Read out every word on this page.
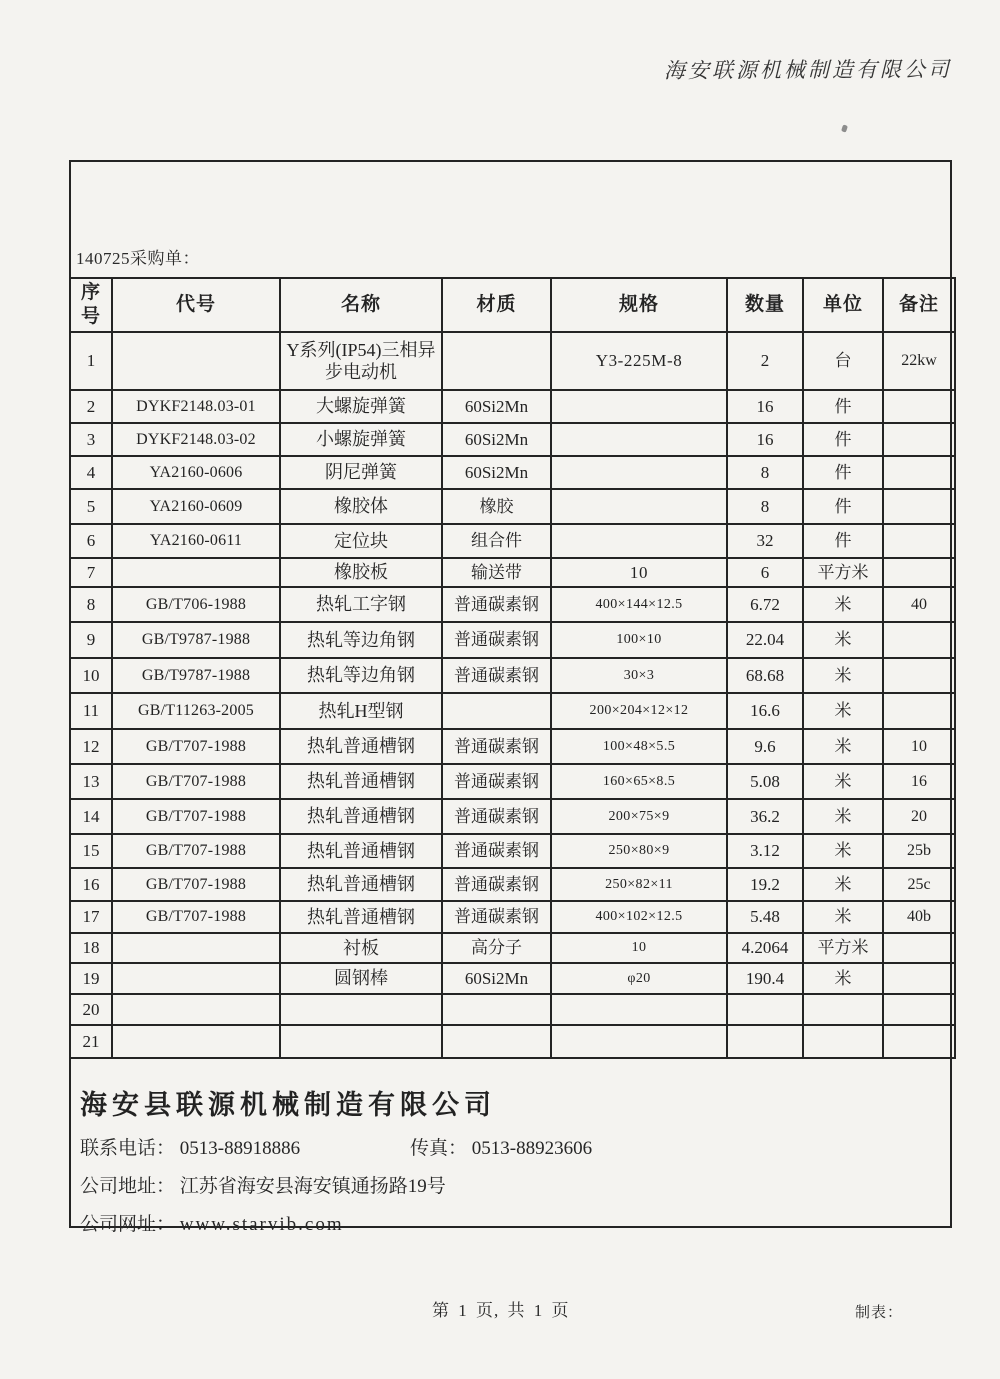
海安联源机械制造有限公司
140725采购单：
序号	代号	名称	材质	规格	数量	单位	备注
1		Y系列(IP54)三相异步电动机		Y3-225M-8	2	台	22kw
2	DYKF2148.03-01	大螺旋弹簧	60Si2Mn		16	件	
3	DYKF2148.03-02	小螺旋弹簧	60Si2Mn		16	件	
4	YA2160-0606	阴尼弹簧	60Si2Mn		8	件	
5	YA2160-0609	橡胶体	橡胶		8	件	
6	YA2160-0611	定位块	组合件		32	件	
7		橡胶板	输送带	10	6	平方米	
8	GB/T706-1988	热轧工字钢	普通碳素钢	400×144×12.5	6.72	米	40
9	GB/T9787-1988	热轧等边角钢	普通碳素钢	100×10	22.04	米	
10	GB/T9787-1988	热轧等边角钢	普通碳素钢	30×3	68.68	米	
11	GB/T11263-2005	热轧H型钢		200×204×12×12	16.6	米	
12	GB/T707-1988	热轧普通槽钢	普通碳素钢	100×48×5.5	9.6	米	10
13	GB/T707-1988	热轧普通槽钢	普通碳素钢	160×65×8.5	5.08	米	16
14	GB/T707-1988	热轧普通槽钢	普通碳素钢	200×75×9	36.2	米	20
15	GB/T707-1988	热轧普通槽钢	普通碳素钢	250×80×9	3.12	米	25b
16	GB/T707-1988	热轧普通槽钢	普通碳素钢	250×82×11	19.2	米	25c
17	GB/T707-1988	热轧普通槽钢	普通碳素钢	400×102×12.5	5.48	米	40b
18		衬板	高分子	10	4.2064	平方米	
19		圆钢棒	60Si2Mn	φ20	190.4	米	
20							
21							
海安县联源机械制造有限公司
联系电话： 0513-88918886	传真： 0513-88923606
公司地址： 江苏省海安县海安镇通扬路19号
公司网址： www.starvib.com
第 1 页, 共 1 页	制表：
